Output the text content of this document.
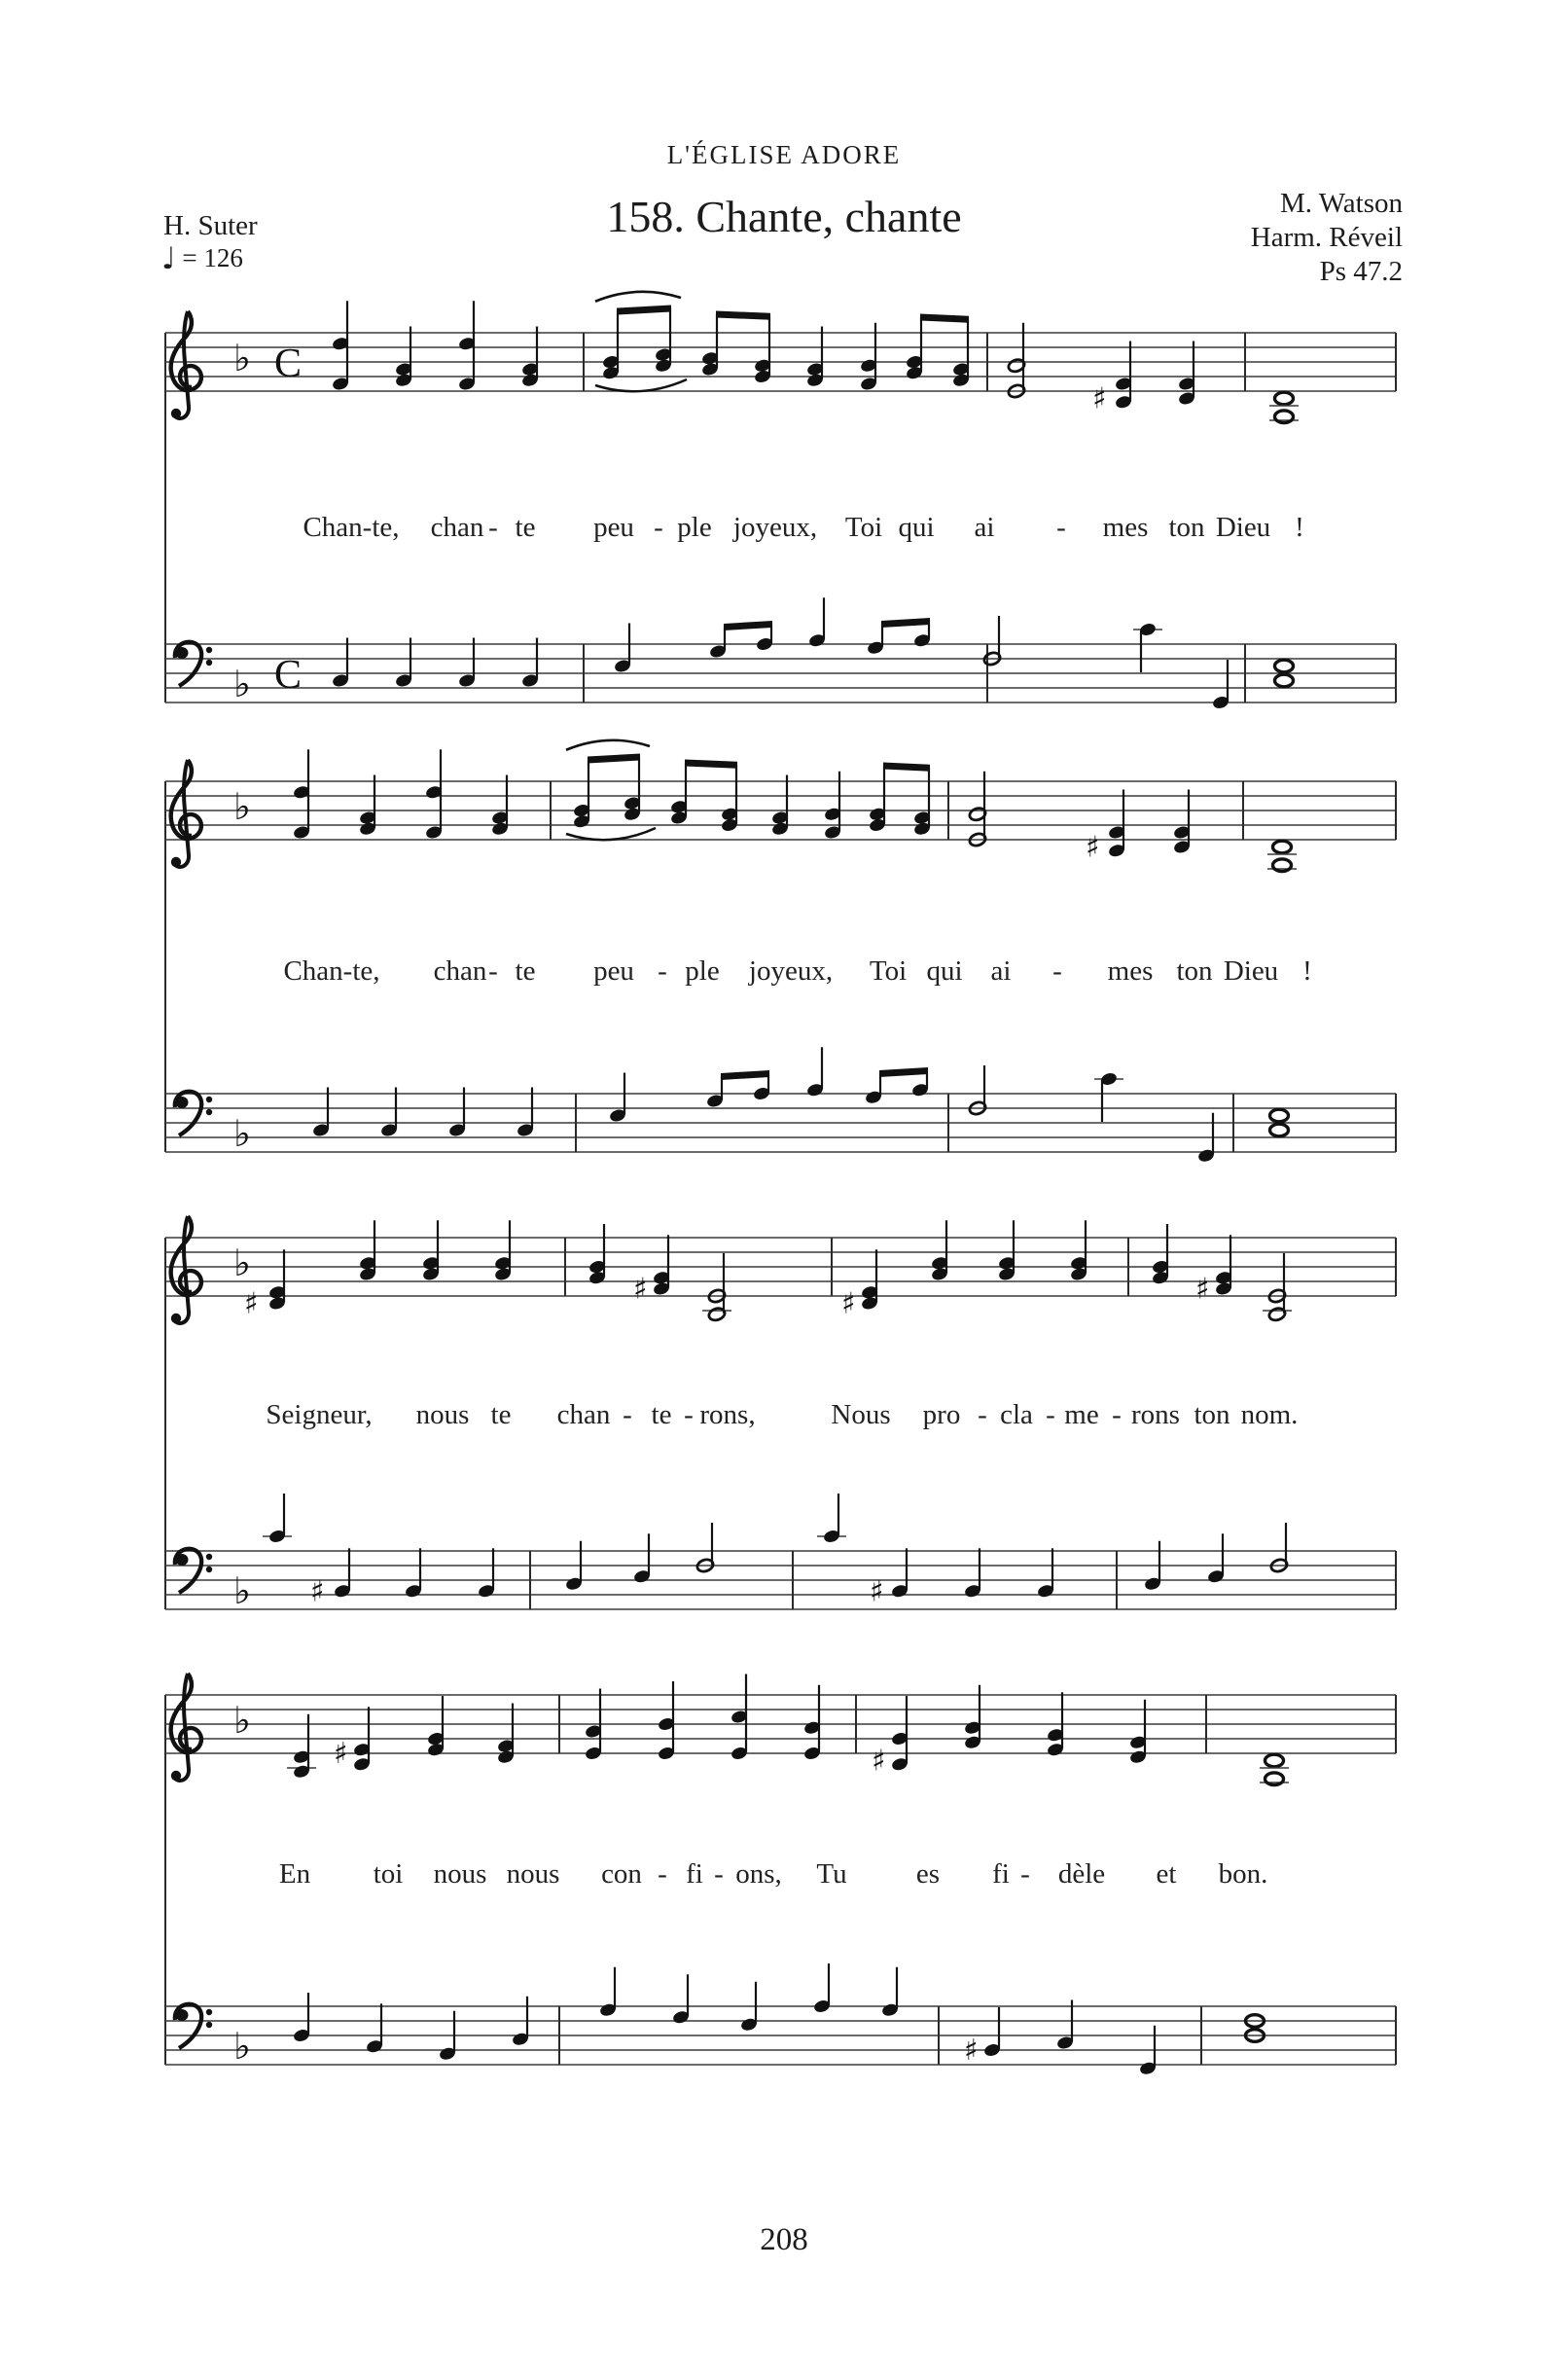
L'ÉGLISE ADORE
H. Suter	158. Chante, chante	M. Watson
Harm. Réveil
Ps 47.2
♩ = 126
♭ C
♯
♭ C
♭
♯
♭
♭
♯	♯	♯	♯
♭ ♯	♯
♭
♯	♯
♭	♯
Chan-te, chan - te peu - ple joyeux, Toi qui ai - mes ton Dieu !
Chan-te, chan - te peu - ple joyeux, Toi qui ai - mes ton Dieu !
Seigneur, nous te chan - te - rons,	Nous pro - cla - me - rons ton nom.
En toi nous nous con - fi - ons, Tu es fi - dèle et bon.
208
